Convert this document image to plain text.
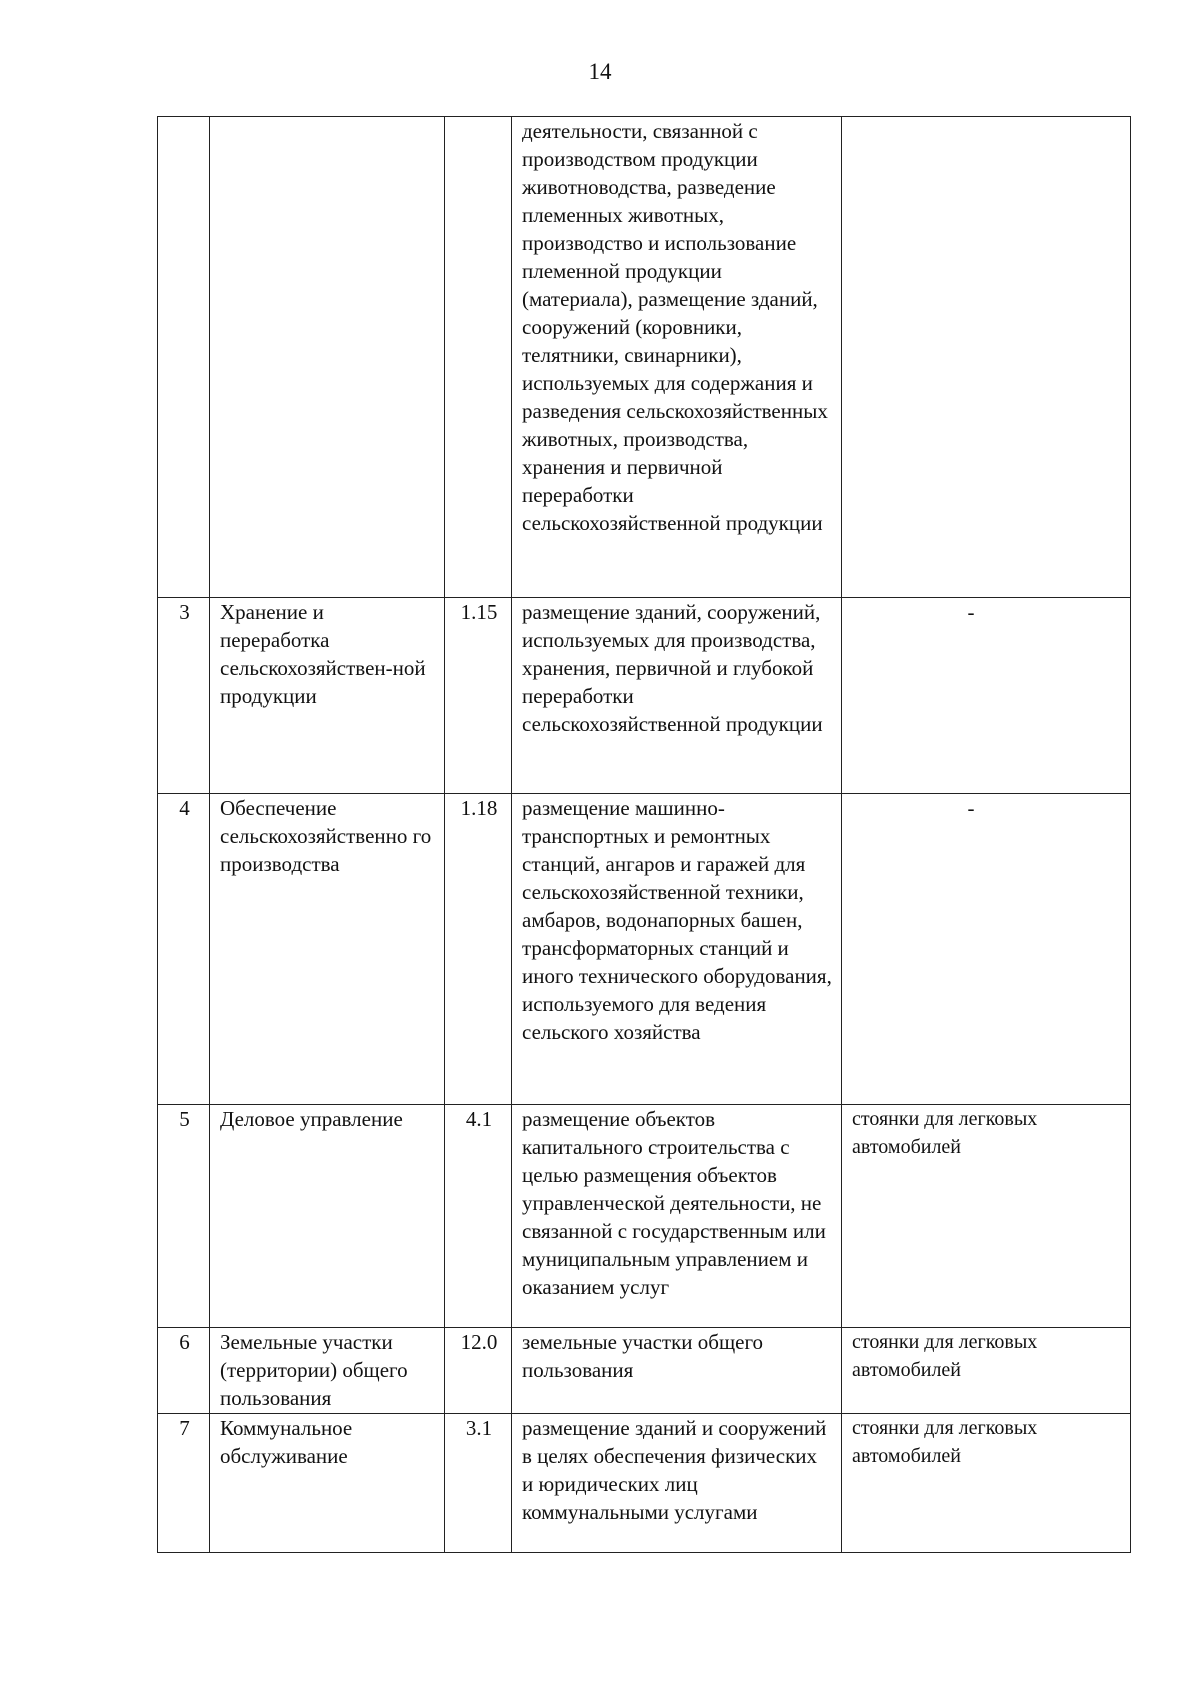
14
			деятельности, связанной с производством продукции животноводства, разведение племенных животных, производство и использование племенной продукции (материала), размещение зданий, сооружений (коровники, телятники, свинарники), используемых для содержания и разведения сельскохозяйственных животных, производства, хранения и первичной переработки сельскохозяйственной продукции	
3	Хранение и переработка сельскохозяйствен-ной продукции	1.15	размещение зданий, сооружений, используемых для производства, хранения, первичной и глубокой переработки сельскохозяйственной продукции	-
4	Обеспечение сельскохозяйственно го производства	1.18	размещение машинно-транспортных и ремонтных станций, ангаров и гаражей для сельскохозяйственной техники, амбаров, водонапорных башен, трансформаторных станций и иного технического оборудования, используемого для ведения сельского хозяйства	-
5	Деловое управление	4.1	размещение объектов капитального строительства с целью размещения объектов управленческой деятельности, не связанной с государственным или муниципальным управлением и оказанием услуг	стоянки для легковых автомобилей
6	Земельные участки (территории) общего пользования	12.0	земельные участки общего пользования	стоянки для легковых автомобилей
7	Коммунальное обслуживание	3.1	размещение зданий и сооружений в целях обеспечения физических и юридических лиц коммунальными услугами	стоянки для легковых автомобилей
